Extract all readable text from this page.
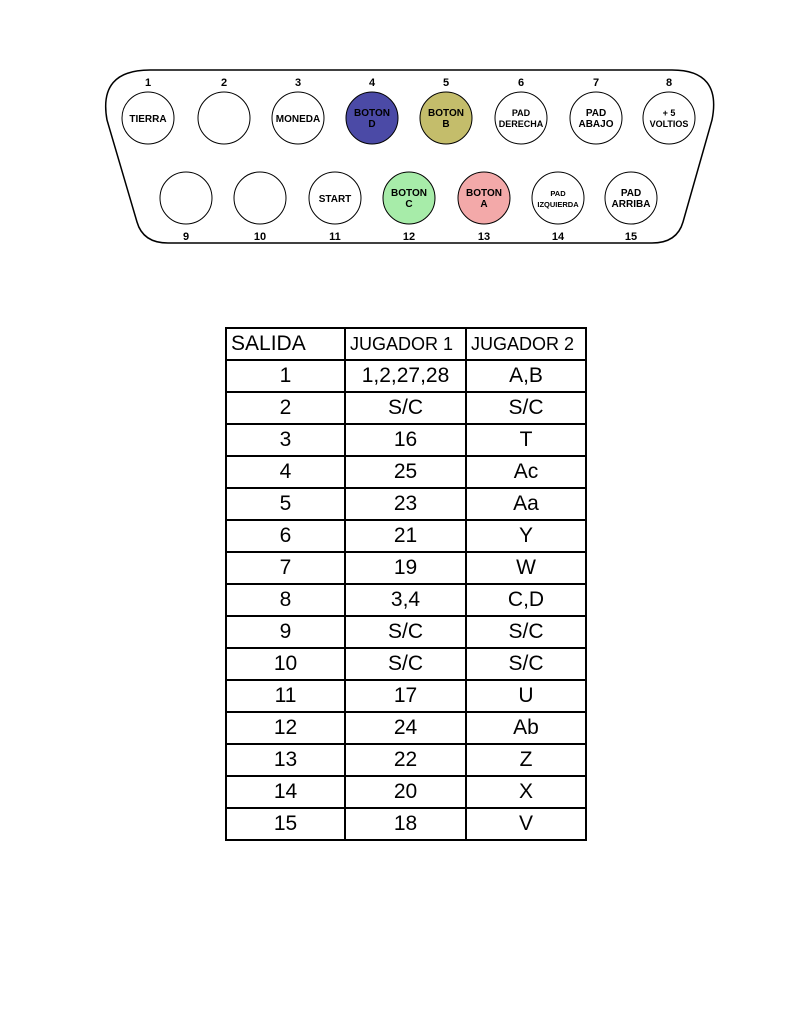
1
TIERRA
2	3
MONEDA
4
BOTON
D
5
BOTON
B
6
PAD
DERECHA
7
PAD
ABAJO
8
+ 5
VOLTIOS
9	10	11
START
12
BOTON
C
13
BOTON
A
14
PAD
IZQUIERDA
15
PAD
ARRIBA
SALIDA	JUGADOR 1	JUGADOR 2
1	1,2,27,28	A,B
2	S/C	S/C
3	16	T
4	25	Ac
5	23	Aa
6	21	Y
7	19	W
8	3,4	C,D
9	S/C	S/C
10	S/C	S/C
11	17	U
12	24	Ab
13	22	Z
14	20	X
15	18	V
